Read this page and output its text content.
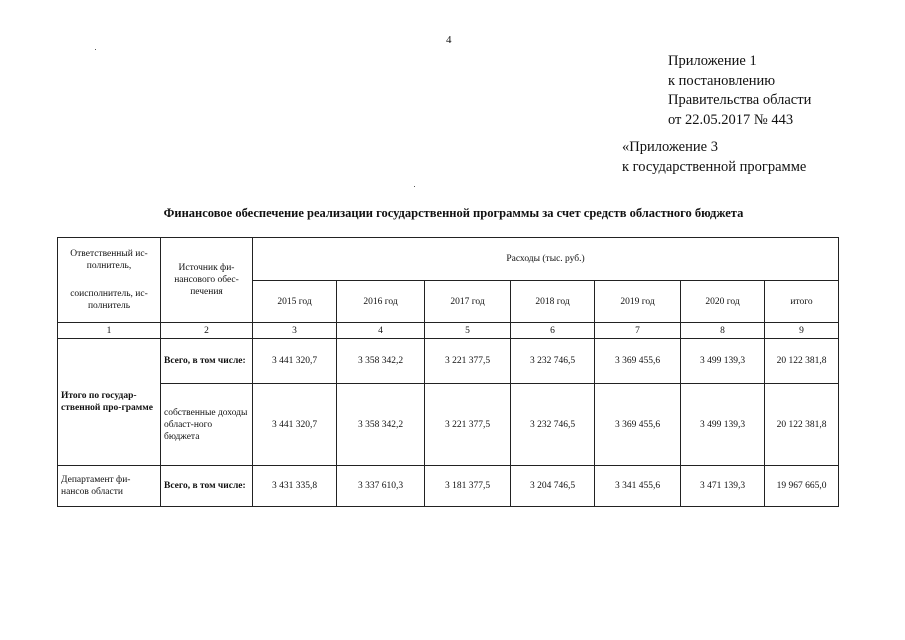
4
Приложение 1
к постановлению
Правительства области
от 22.05.2017 № 443
«Приложение 3
к государственной программе
Финансовое обеспечение реализации государственной программы за счет средств областного бюджета
Ответственный ис-полнитель,
соисполнитель, ис-полнитель	Источник фи-нансового обес-печения	Расходы (тыс. руб.)						
		2015 год	2016 год	2017 год	2018 год	2019 год	2020 год	итого
1	2	3	4	5	6	7	8	9
Итого по государ-ственной про-грамме	Всего, в том числе:	3 441 320,7	3 358 342,2	3 221 377,5	3 232 746,5	3 369 455,6	3 499 139,3	20 122 381,8
	собственные доходы област-ного бюджета	3 441 320,7	3 358 342,2	3 221 377,5	3 232 746,5	3 369 455,6	3 499 139,3	20 122 381,8
Департамент фи-нансов области	Всего, в том числе:	3 431 335,8	3 337 610,3	3 181 377,5	3 204 746,5	3 341 455,6	3 471 139,3	19 967 665,0
